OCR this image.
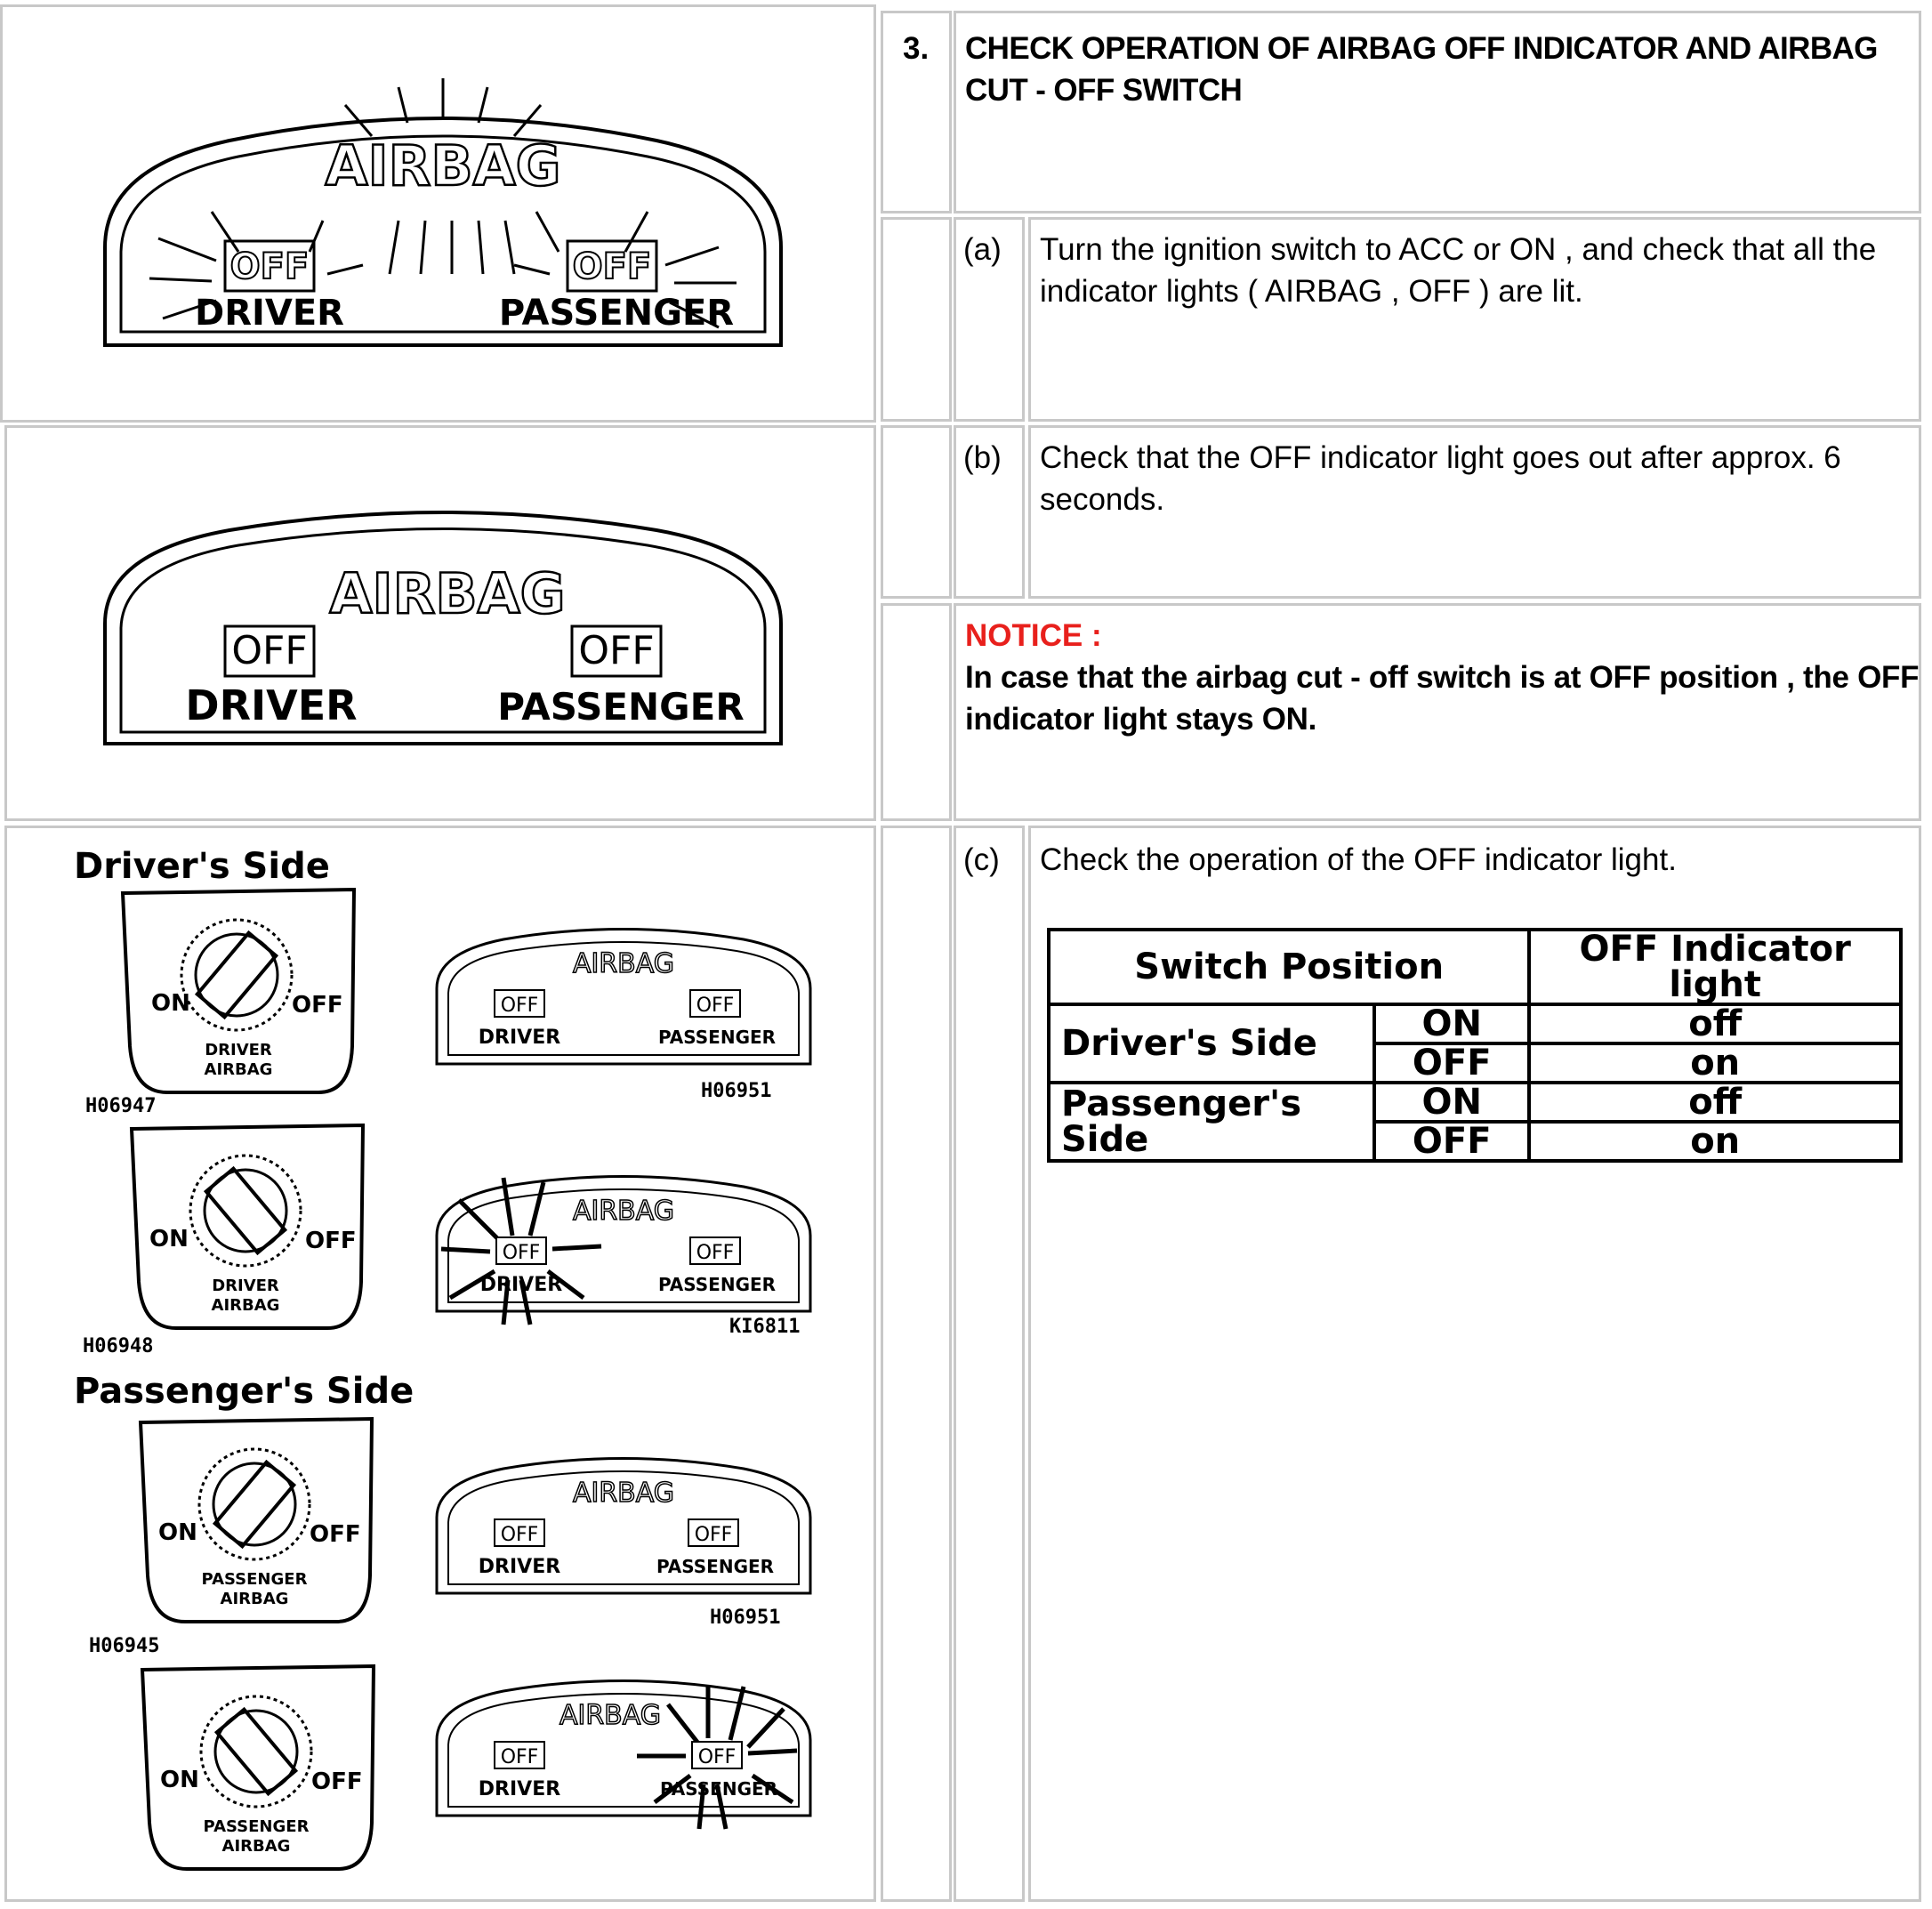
AIRBAG
OFF	OFF
DRIVER	PASSENGER
AIRBAG
OFF	OFF
DRIVER	PASSENGER
Driver's Side
ON	OFF
DRIVER
AIRBAG
H06947
AIRBAG
OFF	OFF
DRIVER	PASSENGER
H06951
ON	OFF
DRIVER
AIRBAG
H06948
AIRBAG
OFF	OFF
DRIVER	PASSENGER
KI6811
Passenger's Side
ON	OFF
PASSENGER
AIRBAG
H06945
AIRBAG
OFF	OFF
DRIVER	PASSENGER
H06951
ON	OFF
PASSENGER
AIRBAG
AIRBAG
OFF	OFF
DRIVER	PASSENGER
3. CHECK OPERATION OF AIRBAG OFF INDICATOR AND AIRBAG CUT - OFF SWITCH
(a) Turn the ignition switch to ACC or ON , and check that all the indicator lights ( AIRBAG , OFF ) are lit.
(b) Check that the OFF indicator light goes out after approx. 6 seconds.
NOTICE :
In case that the airbag cut - off switch is at OFF position , the OFF indicator light stays ON.
(c) Check the operation of the OFF indicator light.
Switch Position		OFF Indicator light
Driver's Side	ON	off
	OFF	on
Passenger's Side	ON	off
	OFF	on
